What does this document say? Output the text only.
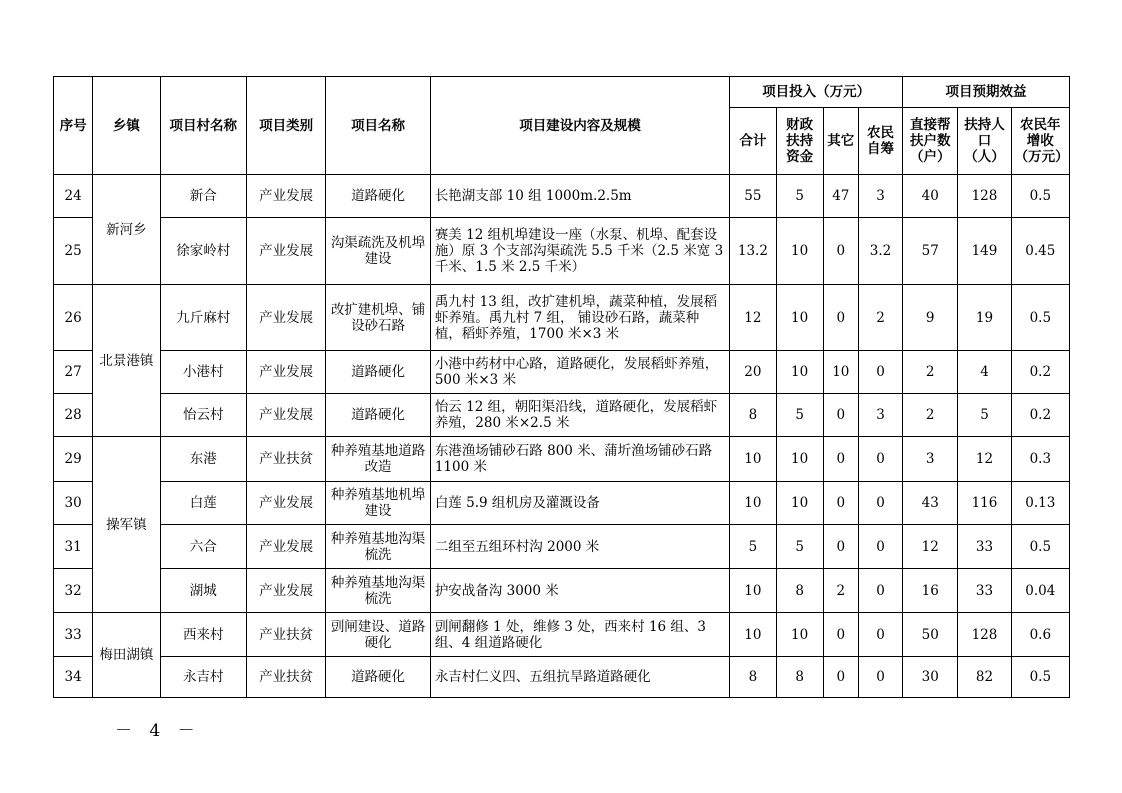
序号	乡镇	项目村名称	项目类别	项目名称	项目建设内容及规模	项目投入（万元）				项目预期效益		
						合计	财政扶持资金	其它	农民自筹	直接帮扶户数（户）	扶持人口（人）	农民年增收（万元）
24	新河乡	新合	产业发展	道路硬化	长艳湖支部 10 组 1000m.2.5m	55	5	47	3	40	128	0.5
25		徐家岭村	产业发展	沟渠疏洗及机埠建设	赛美 12 组机埠建设一座（水泵、机埠、配套设施）原 3 个支部沟渠疏洗 5.5 千米（2.5 米宽 3 千米、1.5 米 2.5 千米）	13.2	10	0	3.2	57	149	0.45
26	北景港镇	九斤麻村	产业发展	改扩建机埠、铺设砂石路	禹九村 13 组，改扩建机埠，蔬菜种植，发展稻虾养殖。禹九村 7 组， 铺设砂石路，蔬菜种植，稻虾养殖，1700 米×3 米	12	10	0	2	9	19	0.5
27		小港村	产业发展	道路硬化	小港中药材中心路，道路硬化，发展稻虾养殖，500 米×3 米	20	10	10	0	2	4	0.2
28		怡云村	产业发展	道路硬化	怡云 12 组，朝阳渠沿线，道路硬化，发展稻虾养殖，280 米×2.5 米	8	5	0	3	2	5	0.2
29	操军镇	东港	产业扶贫	种养殖基地道路改造	东港渔场铺砂石路 800 米、蒲圻渔场铺砂石路 1100 米	10	10	0	0	3	12	0.3
30		白莲	产业发展	种养殖基地机埠建设	白莲 5.9 组机房及灌溉设备	10	10	0	0	43	116	0.13
31		六合	产业发展	种养殖基地沟渠梳洗	二组至五组环村沟 2000 米	5	5	0	0	12	33	0.5
32		湖城	产业发展	种养殖基地沟渠梳洗	护安战备沟 3000 米	10	8	2	0	16	33	0.04
33	梅田湖镇	西来村	产业扶贫	剅闸建设、道路硬化	剅闸翻修 1 处，维修 3 处，西来村 16 组、3 组、4 组道路硬化	10	10	0	0	50	128	0.6
34		永吉村	产业扶贫	道路硬化	永吉村仁义四、五组抗旱路道路硬化	8	8	0	0	30	82	0.5
－ 4 －
